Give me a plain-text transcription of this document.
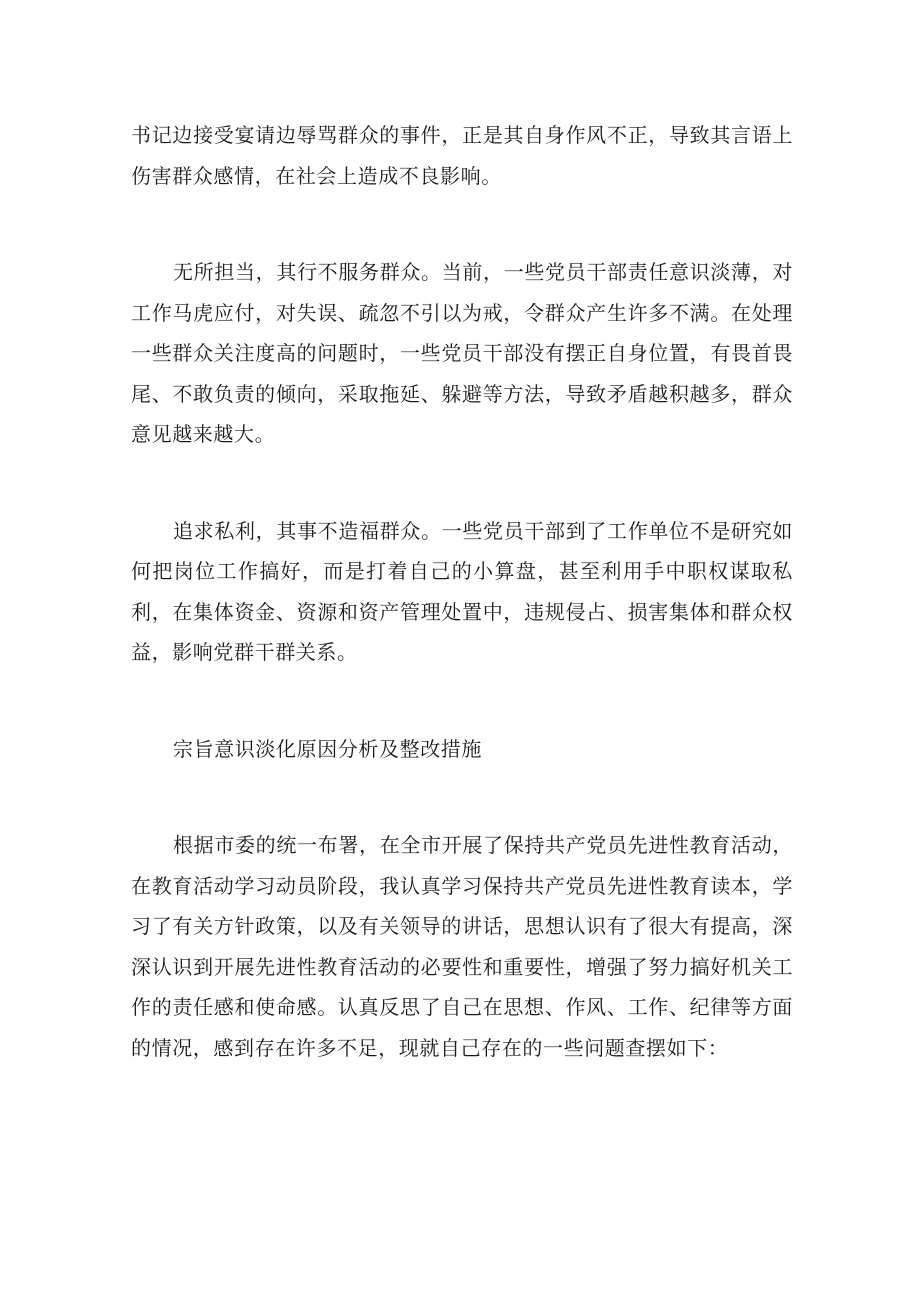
书记边接受宴请边辱骂群众的事件，正是其自身作风不正，导致其言语上伤害群众感情，在社会上造成不良影响。

无所担当，其行不服务群众。当前，一些党员干部责任意识淡薄，对工作马虎应付，对失误、疏忽不引以为戒，令群众产生许多不满。在处理一些群众关注度高的问题时，一些党员干部没有摆正自身位置，有畏首畏尾、不敢负责的倾向，采取拖延、躲避等方法，导致矛盾越积越多，群众意见越来越大。

追求私利，其事不造福群众。一些党员干部到了工作单位不是研究如何把岗位工作搞好，而是打着自己的小算盘，甚至利用手中职权谋取私利，在集体资金、资源和资产管理处置中，违规侵占、损害集体和群众权益，影响党群干群关系。

宗旨意识淡化原因分析及整改措施

根据市委的统一布署，在全市开展了保持共产党员先进性教育活动，在教育活动学习动员阶段，我认真学习保持共产党员先进性教育读本，学习了有关方针政策，以及有关领导的讲话，思想认识有了很大有提高，深深认识到开展先进性教育活动的必要性和重要性，增强了努力搞好机关工作的责任感和使命感。认真反思了自己在思想、作风、工作、纪律等方面的情况，感到存在许多不足，现就自己存在的一些问题查摆如下：
